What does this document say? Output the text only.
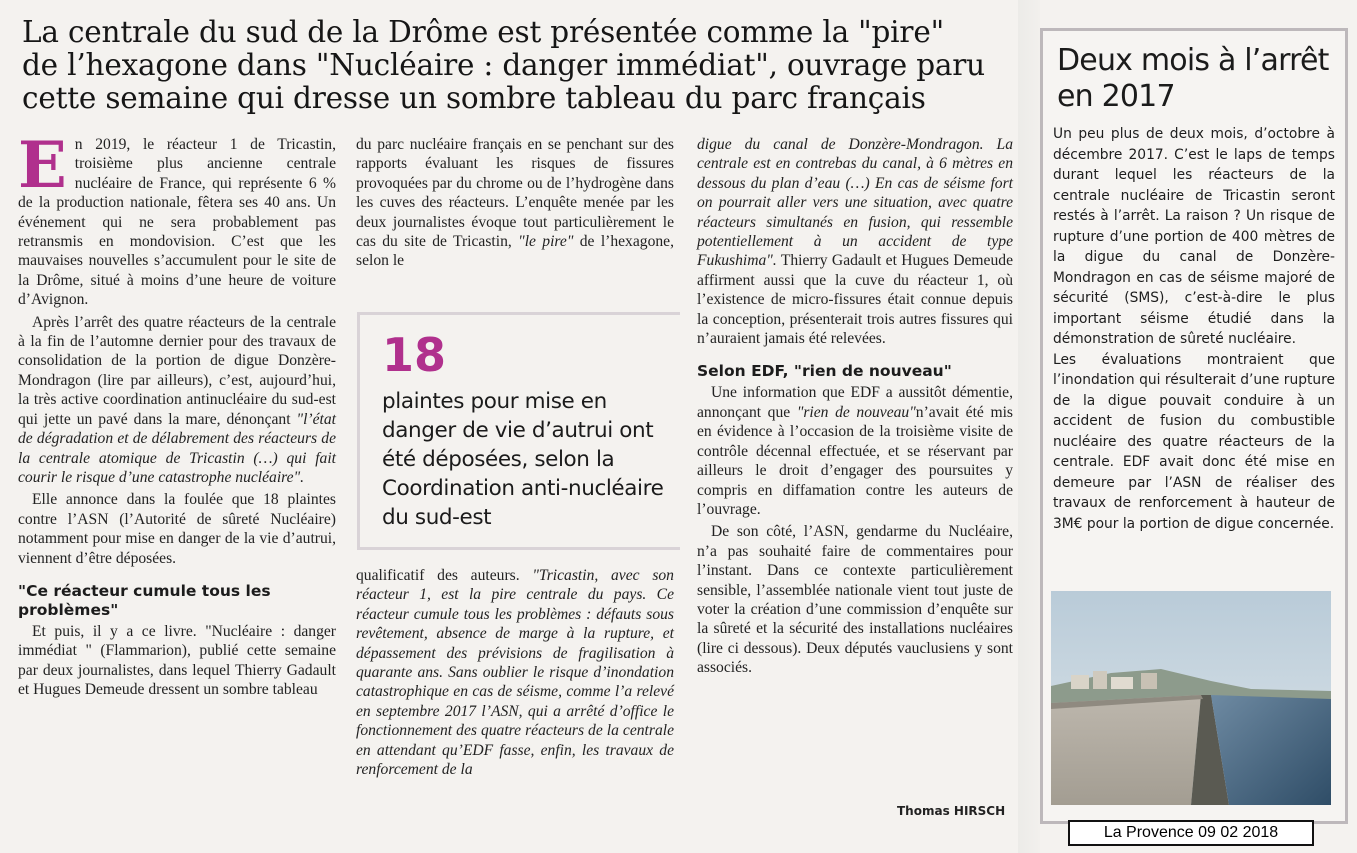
La centrale du sud de la Drôme est présentée comme la "pire"
de l’hexagone dans "Nucléaire : danger immédiat", ouvrage paru
cette semaine qui dresse un sombre tableau du parc français

En 2019, le réacteur 1 de Tricastin, troisième plus ancienne centrale nucléaire de France, qui représente 6 % de la production nationale, fêtera ses 40 ans. Un événement qui ne sera probablement pas retransmis en mondovision. C’est que les mauvaises nouvelles s’accumulent pour le site de la Drôme, situé à moins d’une heure de voiture d’Avignon.

Après l’arrêt des quatre réacteurs de la centrale à la fin de l’automne dernier pour des travaux de consolidation de la portion de digue Donzère-Mondragon (lire par ailleurs), c’est, aujourd’hui, la très active coordination antinucléaire du sud-est qui jette un pavé dans la mare, dénonçant "l’état de dégradation et de délabrement des réacteurs de la centrale atomique de Tricastin (…) qui fait courir le risque d’une catastrophe nucléaire".

Elle annonce dans la foulée que 18 plaintes contre l’ASN (l’Autorité de sûreté Nucléaire) notamment pour mise en danger de la vie d’autrui, viennent d’être déposées.

"Ce réacteur cumule tous les problèmes"

Et puis, il y a ce livre. "Nucléaire : danger immédiat " (Flammarion), publié cette semaine par deux journalistes, dans lequel Thierry Gadault et Hugues Demeude dressent un sombre tableau

du parc nucléaire français en se penchant sur des rapports évaluant les risques de fissures provoquées par du chrome ou de l’hydrogène dans les cuves des réacteurs. L’enquête menée par les deux journalistes évoque tout particulièrement le cas du site de Tricastin, "le pire" de l’hexagone, selon le

18
plaintes pour mise en danger de vie d’autrui ont été déposées, selon la Coordination anti-nucléaire du sud-est

qualificatif des auteurs. "Tricastin, avec son réacteur 1, est la pire centrale du pays. Ce réacteur cumule tous les problèmes : défauts sous revêtement, absence de marge à la rupture, et dépassement des prévisions de fragilisation à quarante ans. Sans oublier le risque d’inondation catastrophique en cas de séisme, comme l’a relevé en septembre 2017 l’ASN, qui a arrêté d’office le fonctionnement des quatre réacteurs de la centrale en attendant qu’EDF fasse, enfin, les travaux de renforcement de la

digue du canal de Donzère-Mondragon. La centrale est en contrebas du canal, à 6 mètres en dessous du plan d’eau (…) En cas de séisme fort on pourrait aller vers une situation, avec quatre réacteurs simultanés en fusion, qui ressemble potentiellement à un accident de type Fukushima". Thierry Gadault et Hugues Demeude affirment aussi que la cuve du réacteur 1, où l’existence de micro-fissures était connue depuis la conception, présenterait trois autres fissures qui n’auraient jamais été relevées.

Selon EDF, "rien de nouveau"

Une information que EDF a aussitôt démentie, annonçant que "rien de nouveau"n’avait été mis en évidence à l’occasion de la troisième visite de contrôle décennal effectuée, et se réservant par ailleurs le droit d’engager des poursuites y compris en diffamation contre les auteurs de l’ouvrage.

De son côté, l’ASN, gendarme du Nucléaire, n’a pas souhaité faire de commentaires pour l’instant. Dans ce contexte particulièrement sensible, l’assemblée nationale vient tout juste de voter la création d’une commission d’enquête sur la sûreté et la sécurité des installations nucléaires (lire ci dessous). Deux députés vauclusiens y sont associés.

Thomas HIRSCH
Deux mois à l’arrêt en 2017

Un peu plus de deux mois, d’octobre à décembre 2017. C’est le laps de temps durant lequel les réacteurs de la centrale nucléaire de Tricastin seront restés à l’arrêt. La raison ? Un risque de rupture d’une portion de 400 mètres de la digue du canal de Donzère-Mondragon en cas de séisme majoré de sécurité (SMS), c’est-à-dire le plus important séisme étudié dans la démonstration de sûreté nucléaire.

Les évaluations montraient que l’inondation qui résulterait d’une rupture de la digue pouvait conduire à un accident de fusion du combustible nucléaire des quatre réacteurs de la centrale. EDF avait donc été mise en demeure par l’ASN de réaliser des travaux de renforcement à hauteur de 3M€ pour la portion de digue concernée.

La Provence 09 02 2018
